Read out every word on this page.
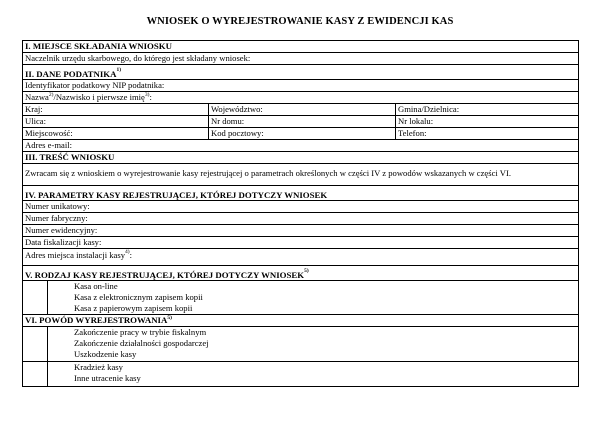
WNIOSEK O WYREJESTROWANIE KASY Z EWIDENCJI KAS
I. MIEJSCE SKŁADANIA WNIOSKU
Naczelnik urzędu skarbowego, do którego jest składany wniosek:
II. DANE PODATNIKA$^{1)}$
Identyfikator podatkowy NIP podatnika:
Nazwa$^{2)}$/Nazwisko i pierwsze imię$^{3)}$:
Kraj:	Województwo:	Gmina/Dzielnica:
Ulica:	Nr domu:	Nr lokalu:
Miejscowość:	Kod pocztowy:	Telefon:
Adres e-mail:
III. TREŚĆ WNIOSKU
Zwracam się z wnioskiem o wyrejestrowanie kasy rejestrującej o parametrach określonych w części IV z powodów wskazanych w części VI.
IV. PARAMETRY KASY REJESTRUJĄCEJ, KTÓREJ DOTYCZY WNIOSEK
Numer unikatowy:
Numer fabryczny:
Numer ewidencyjny:
Data fiskalizacji kasy:
Adres miejsca instalacji kasy$^{4)}$:
V. RODZAJ KASY REJESTRUJĄCEJ, KTÓREJ DOTYCZY WNIOSEK$^{5)}$
Kasa on-line
Kasa z elektronicznym zapisem kopii
Kasa z papierowym zapisem kopii
VI. POWÓD WYREJESTROWANIA$^{5)}$
Zakończenie pracy w trybie fiskalnym
Zakończenie działalności gospodarczej
Uszkodzenie kasy
Kradzież kasy
Inne utracenie kasy
